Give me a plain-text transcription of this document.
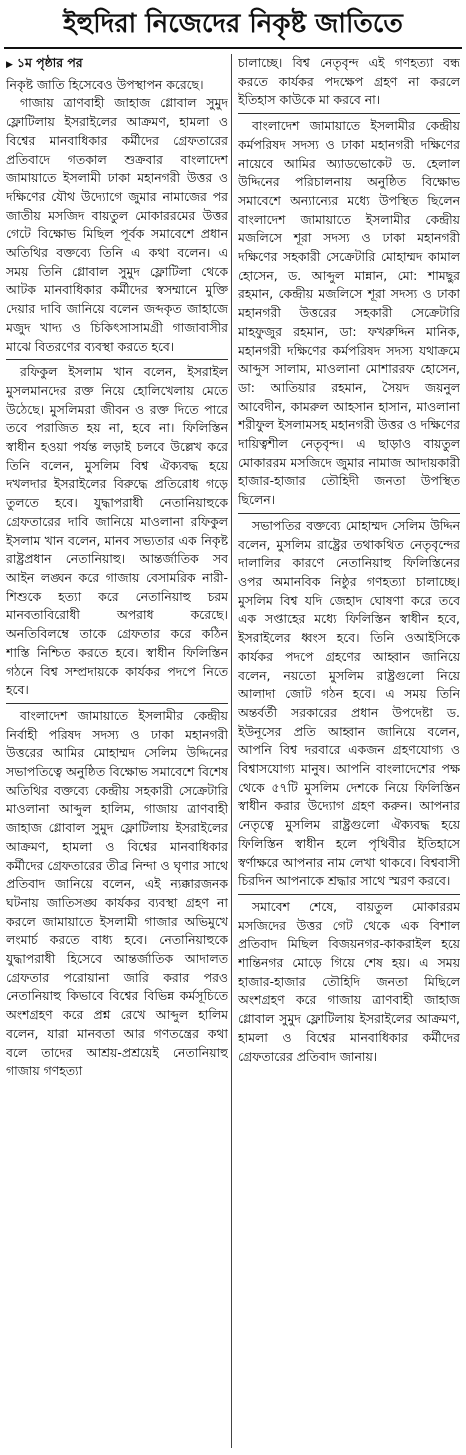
ইহুদিরা নিজেদের নিকৃষ্ট জাতিতে
▶ ১ম পৃষ্ঠার পর

নিকৃষ্ট জাতি হিসেবেও উপস্থাপন করেছে।

গাজায় ত্রাণবাহী জাহাজ গ্লোবাল সুমুদ ফ্লোটিলায় ইসরাইলের আক্রমণ, হামলা ও বিশ্বের মানবাধিকার কর্মীদের গ্রেফতারের প্রতিবাদে গতকাল শুক্রবার বাংলাদেশ জামায়াতে ইসলামী ঢাকা মহানগরী উত্তর ও দক্ষিণের যৌথ উদ্যোগে জুমার নামাজের পর জাতীয় মসজিদ বায়তুল মোকাররমের উত্তর গেটে বিক্ষোভ মিছিল পূর্বক সমাবেশে প্রধান অতিথির বক্তব্যে তিনি এ কথা বলেন। এ সময় তিনি গ্লোবাল সুমুদ ফ্লোটিলা থেকে আটক মানবাধিকার কর্মীদের স্বসম্মানে মুক্তি দেয়ার দাবি জানিয়ে বলেন জব্দকৃত জাহাজে মজুদ খাদ্য ও চিকিৎসাসামগ্রী গাজাবাসীর মাঝে বিতরণের ব্যবস্থা করতে হবে।

রফিকুল ইসলাম খান বলেন, ইসরাইল মুসলমানদের রক্ত নিয়ে হোলিখেলায় মেতে উঠেছে। মুসলিমরা জীবন ও রক্ত দিতে পারে তবে পরাজিত হয় না, হবে না। ফিলিস্তিন স্বাধীন হওয়া পর্যন্ত লড়াই চলবে উল্লেখ করে তিনি বলেন, মুসলিম বিশ্ব ঐক্যবদ্ধ হয়ে দখলদার ইসরাইলের বিরুদ্ধে প্রতিরোধ গড়ে তুলতে হবে। যুদ্ধাপরাধী নেতানিয়াহুকে গ্রেফতারের দাবি জানিয়ে মাওলানা রফিকুল ইসলাম খান বলেন, মানব সভ্যতার এক নিকৃষ্ট রাষ্ট্রপ্রধান নেতানিয়াহু। আন্তর্জাতিক সব আইন লঙ্ঘন করে গাজায় বেসামরিক নারী-শিশুকে হত্যা করে নেতানিয়াহু চরম মানবতাবিরোধী অপরাধ করেছে। অনতিবিলম্বে তাকে গ্রেফতার করে কঠিন শাস্তি নিশ্চিত করতে হবে। স্বাধীন ফিলিস্তিন গঠনে বিশ্ব সম্প্রদায়কে কার্যকর পদপে নিতে হবে।

বাংলাদেশ জামায়াতে ইসলামীর কেন্দ্রীয় নির্বাহী পরিষদ সদস্য ও ঢাকা মহানগরী উত্তরের আমির মোহাম্মদ সেলিম উদ্দিনের সভাপতিত্বে অনুষ্ঠিত বিক্ষোভ সমাবেশে বিশেষ অতিথির বক্তব্যে কেন্দ্রীয় সহকারী সেক্রেটারি মাওলানা আব্দুল হালিম, গাজায় ত্রাণবাহী জাহাজ গ্লোবাল সুমুদ ফ্লোটিলায় ইসরাইলের আক্রমণ, হামলা ও বিশ্বের মানবাধিকার কর্মীদের গ্রেফতারের তীব্র নিন্দা ও ঘৃণার সাথে প্রতিবাদ জানিয়ে বলেন, এই ন্যক্কারজনক ঘটনায় জাতিসঙ্ঘ কার্যকর ব্যবস্থা গ্রহণ না করলে জামায়াতে ইসলামী গাজার অভিমুখে লংমার্চ করতে বাধ্য হবে। নেতানিয়াহুকে যুদ্ধাপরাধী হিসেবে আন্তর্জাতিক আদালত গ্রেফতার পরোয়ানা জারি করার পরও নেতানিয়াহু কিভাবে বিশ্বের বিভিন্ন কর্মসূচিতে অংশগ্রহণ করে প্রশ্ন রেখে আব্দুল হালিম বলেন, যারা মানবতা আর গণতন্ত্রের কথা বলে তাদের আশ্রয়-প্রশ্রয়েই নেতানিয়াহু গাজায় গণহত্যা

চালাচ্ছে। বিশ্ব নেতৃবৃন্দ এই গণহত্যা বন্ধ করতে কার্যকর পদক্ষেপ গ্রহণ না করলে ইতিহাস কাউকে মা করবে না।

বাংলাদেশ জামায়াতে ইসলামীর কেন্দ্রীয় কর্মপরিষদ সদস্য ও ঢাকা মহানগরী দক্ষিণের নায়েবে আমির অ্যাডভোকেট ড. হেলাল উদ্দিনের পরিচালনায় অনুষ্ঠিত বিক্ষোভ সমাবেশে অন্যান্যের মধ্যে উপস্থিত ছিলেন বাংলাদেশ জামায়াতে ইসলামীর কেন্দ্রীয় মজলিসে শূরা সদস্য ও ঢাকা মহানগরী দক্ষিণের সহকারী সেক্রেটারি মোহাম্মদ কামাল হোসেন, ড. আব্দুল মান্নান, মো: শামছুর রহমান, কেন্দ্রীয় মজলিসে শূরা সদস্য ও ঢাকা মহানগরী উত্তরের সহকারী সেক্রেটারি মাহফুজুর রহমান, ডা: ফখরুদ্দিন মানিক, মহানগরী দক্ষিণের কর্মপরিষদ সদস্য যথাক্রমে আব্দুস সালাম, মাওলানা মোশাররফ হোসেন, ডা: আতিয়ার রহমান, সৈয়দ জয়নুল আবেদীন, কামরুল আহসান হাসান, মাওলানা শরীফুল ইসলামসহ মহানগরী উত্তর ও দক্ষিণের দায়িত্বশীল নেতৃবৃন্দ। এ ছাড়াও বায়তুল মোকাররম মসজিদে জুমার নামাজ আদায়কারী হাজার-হাজার তৌহিদী জনতা উপস্থিত ছিলেন।

সভাপতির বক্তব্যে মোহাম্মদ সেলিম উদ্দিন বলেন, মুসলিম রাষ্ট্রের তথাকথিত নেতৃবৃন্দের দালালির কারণে নেতানিয়াহু ফিলিস্তিনের ওপর অমানবিক নিষ্ঠুর গণহত্যা চালাচ্ছে। মুসলিম বিশ্ব যদি জেহাদ ঘোষণা করে তবে এক সপ্তাহের মধ্যে ফিলিস্তিন স্বাধীন হবে, ইসরাইলের ধ্বংস হবে। তিনি ওআইসিকে কার্যকর পদপে গ্রহণের আহ্বান জানিয়ে বলেন, নয়তো মুসলিম রাষ্ট্রগুলো নিয়ে আলাদা জোট গঠন হবে। এ সময় তিনি অন্তর্বর্তী সরকারের প্রধান উপদেষ্টা ড. ইউনূসের প্রতি আহ্বান জানিয়ে বলেন, আপনি বিশ্ব দরবারে একজন গ্রহণযোগ্য ও বিশ্বাসযোগ্য মানুষ। আপনি বাংলাদেশের পক্ষ থেকে ৫৭টি মুসলিম দেশকে নিয়ে ফিলিস্তিন স্বাধীন করার উদ্যোগ গ্রহণ করুন। আপনার নেতৃত্বে মুসলিম রাষ্ট্রগুলো ঐক্যবদ্ধ হয়ে ফিলিস্তিন স্বাধীন হলে পৃথিবীর ইতিহাসে স্বর্ণাক্ষরে আপনার নাম লেখা থাকবে। বিশ্ববাসী চিরদিন আপনাকে শ্রদ্ধার সাথে স্মরণ করবে।

সমাবেশ শেষে, বায়তুল মোকাররম মসজিদের উত্তর গেট থেকে এক বিশাল প্রতিবাদ মিছিল বিজয়নগর-কাকরাইল হয়ে শান্তিনগর মোড়ে গিয়ে শেষ হয়। এ সময় হাজার-হাজার তৌহিদি জনতা মিছিলে অংশগ্রহণ করে গাজায় ত্রাণবাহী জাহাজ গ্লোবাল সুমুদ ফ্লোটিলায় ইসরাইলের আক্রমণ, হামলা ও বিশ্বের মানবাধিকার কর্মীদের গ্রেফতারের প্রতিবাদ জানায়।
